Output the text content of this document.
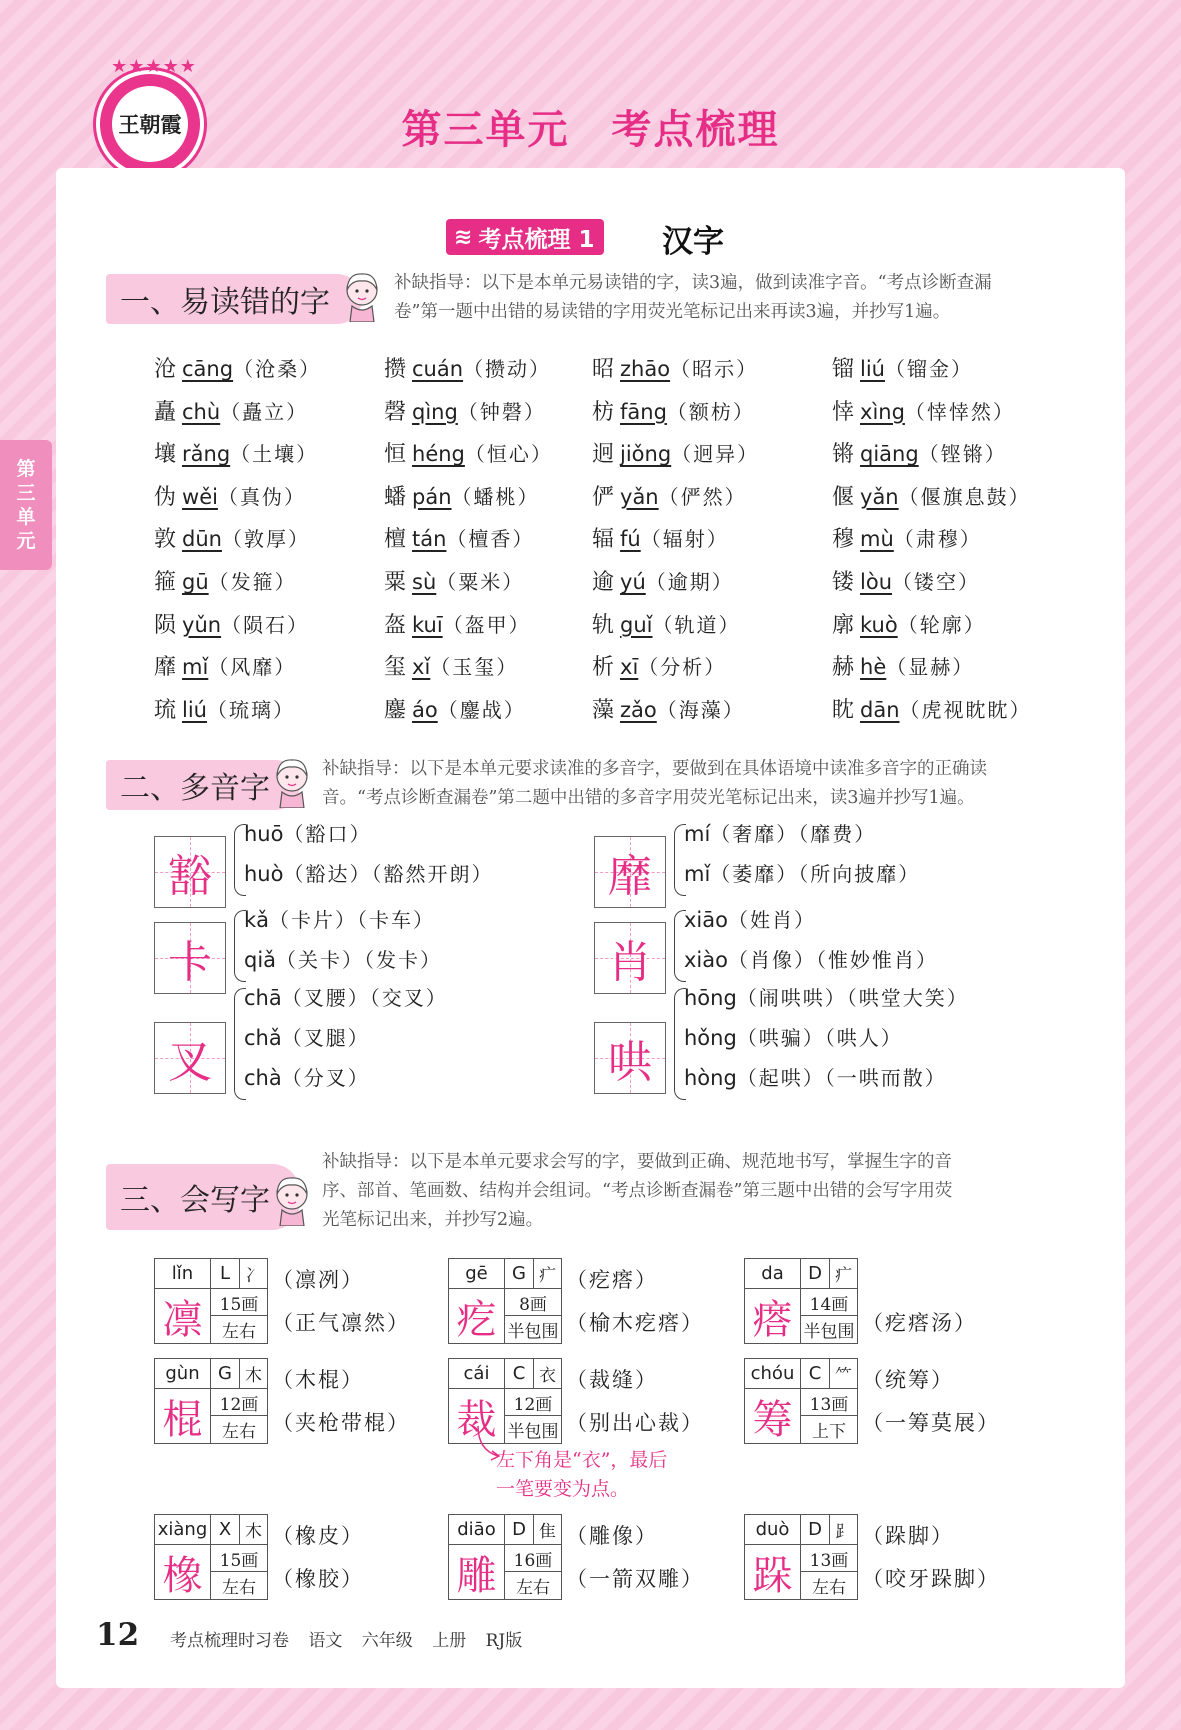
★★★★★
王朝霞	第三单元　考点梳理
第
三
单
元
≋ 考点梳理 1 汉字
一、易读错的字
补缺指导：以下是本单元易读错的字，读3遍，做到读准字音。“考点诊断查漏
卷”第一题中出错的易读错的字用荧光笔标记出来再读3遍，并抄写1遍。
沧 cāng（沧桑）	攒 cuán（攒动） 昭 zhāo（昭示）	镏 liú（镏金）
矗 chù（矗立）	磬 qìng（钟磬） 枋 fāng（额枋）	悻 xìng（悻悻然）
壤 rǎng（土壤）	恒 héng（恒心） 迥 jiǒng（迥异）	锵 qiāng（铿锵）
伪 wěi（真伪）	蟠 pán（蟠桃） 俨 yǎn（俨然）	偃 yǎn（偃旗息鼓）
敦 dūn（敦厚）	檀 tán（檀香）	辐 fú（辐射）	穆 mù（肃穆）
箍 gū（发箍）	粟 sù（粟米）	逾 yú（逾期）	镂 lòu（镂空）
陨 yǔn（陨石）	盔 kuī（盔甲）	轨 guǐ（轨道）	廓 kuò（轮廓）
靡 mǐ（风靡）	玺 xǐ（玉玺）	析 xī（分析）	赫 hè（显赫）
琉 liú（琉璃）	鏖 áo（鏖战）	藻 zǎo（海藻）	眈 dān（虎视眈眈）
二、多音字
补缺指导：以下是本单元要求读准的多音字，要做到在具体语境中读准多音字的正确读
音。“考点诊断查漏卷”第二题中出错的多音字用荧光笔标记出来，读3遍并抄写1遍。
豁
huō（豁口）
huò（豁达）（豁然开朗）	靡
mí（奢靡）（靡费）
mǐ（萎靡）（所向披靡）
卡
kǎ（卡片）（卡车）
qiǎ（关卡）（发卡）	肖
xiāo（姓肖）
xiào（肖像）（惟妙惟肖）
叉
chā（叉腰）（交叉）
chǎ（叉腿）
chà（分叉）	哄
hōng（闹哄哄）（哄堂大笑）
hǒng（哄骗）（哄人）
hòng（起哄）（一哄而散）
三、会写字
补缺指导：以下是本单元要求会写的字，要做到正确、规范地书写，掌握生字的音
序、部首、笔画数、结构并会组词。“考点诊断查漏卷”第三题中出错的会写字用荧
光笔标记出来，并抄写2遍。
lǐn	L 冫
凛	15画
左右
（凛冽）
（正气凛然）
gē	G 疒
疙	8画
半包围
（疙瘩）
（榆木疙瘩）
da	D 疒
瘩	14画
半包围 （疙瘩汤）
gùn	G 木
棍	12画
左右
（木棍）
（夹枪带棍）
cái	C 衣
裁	12画
半包围
（裁缝）
（别出心裁）
chóu C ⺮
筹	13画
上下
（统筹）
（一筹莫展）
xiàng X 木
橡	15画
左右
（橡皮）
（橡胶）
diāo D 隹
雕	16画
左右
（雕像）
（一箭双雕）
duò	D ⻊
跺	13画
左右
（跺脚）
（咬牙跺脚）
左下角是“衣”，最后
一笔要变为点。
12 考点梳理时习卷 语文 六年级 上册 RJ版
